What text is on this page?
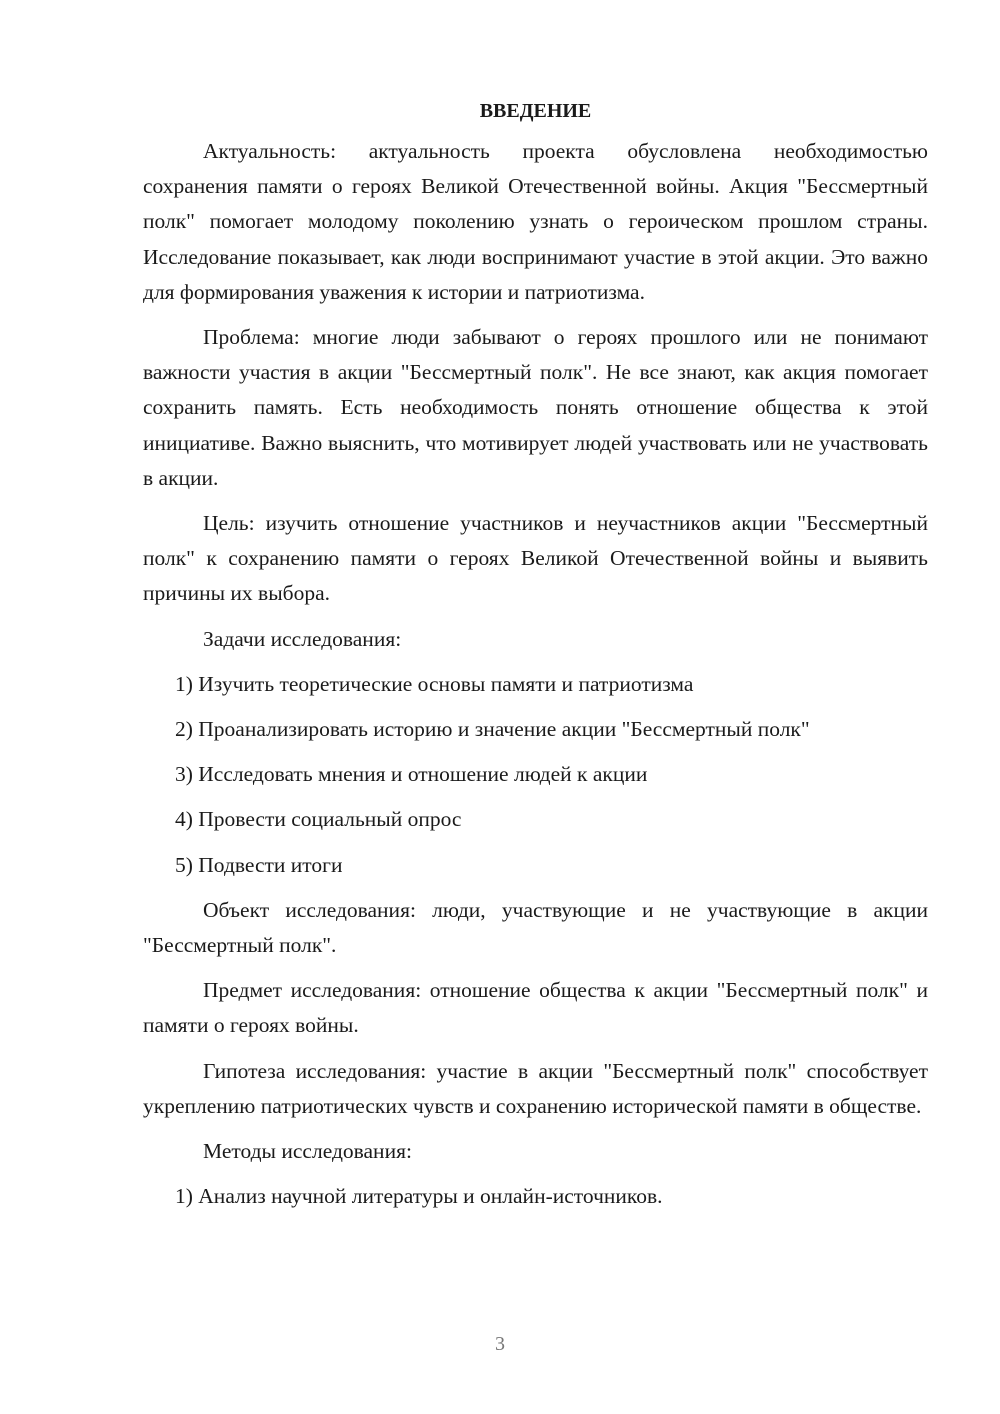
ВВЕДЕНИЕ

Актуальность: актуальность проекта обусловлена необходимостью сохранения памяти о героях Великой Отечественной войны. Акция "Бессмертный полк" помогает молодому поколению узнать о героическом прошлом страны. Исследование показывает, как люди воспринимают участие в этой акции. Это важно для формирования уважения к истории и патриотизма.

Проблема: многие люди забывают о героях прошлого или не понимают важности участия в акции "Бессмертный полк". Не все знают, как акция помогает сохранить память. Есть необходимость понять отношение общества к этой инициативе. Важно выяснить, что мотивирует людей участвовать или не участвовать в акции.

Цель: изучить отношение участников и неучастников акции "Бессмертный полк" к сохранению памяти о героях Великой Отечественной войны и выявить причины их выбора.

Задачи исследования:

1) Изучить теоретические основы памяти и патриотизма

2) Проанализировать историю и значение акции "Бессмертный полк"

3) Исследовать мнения и отношение людей к акции

4) Провести социальный опрос

5) Подвести итоги

Объект исследования: люди, участвующие и не участвующие в акции "Бессмертный полк".

Предмет исследования: отношение общества к акции "Бессмертный полк" и памяти о героях войны.

Гипотеза исследования: участие в акции "Бессмертный полк" способствует укреплению патриотических чувств и сохранению исторической памяти в обществе.

Методы исследования:

1) Анализ научной литературы и онлайн-источников.

3
